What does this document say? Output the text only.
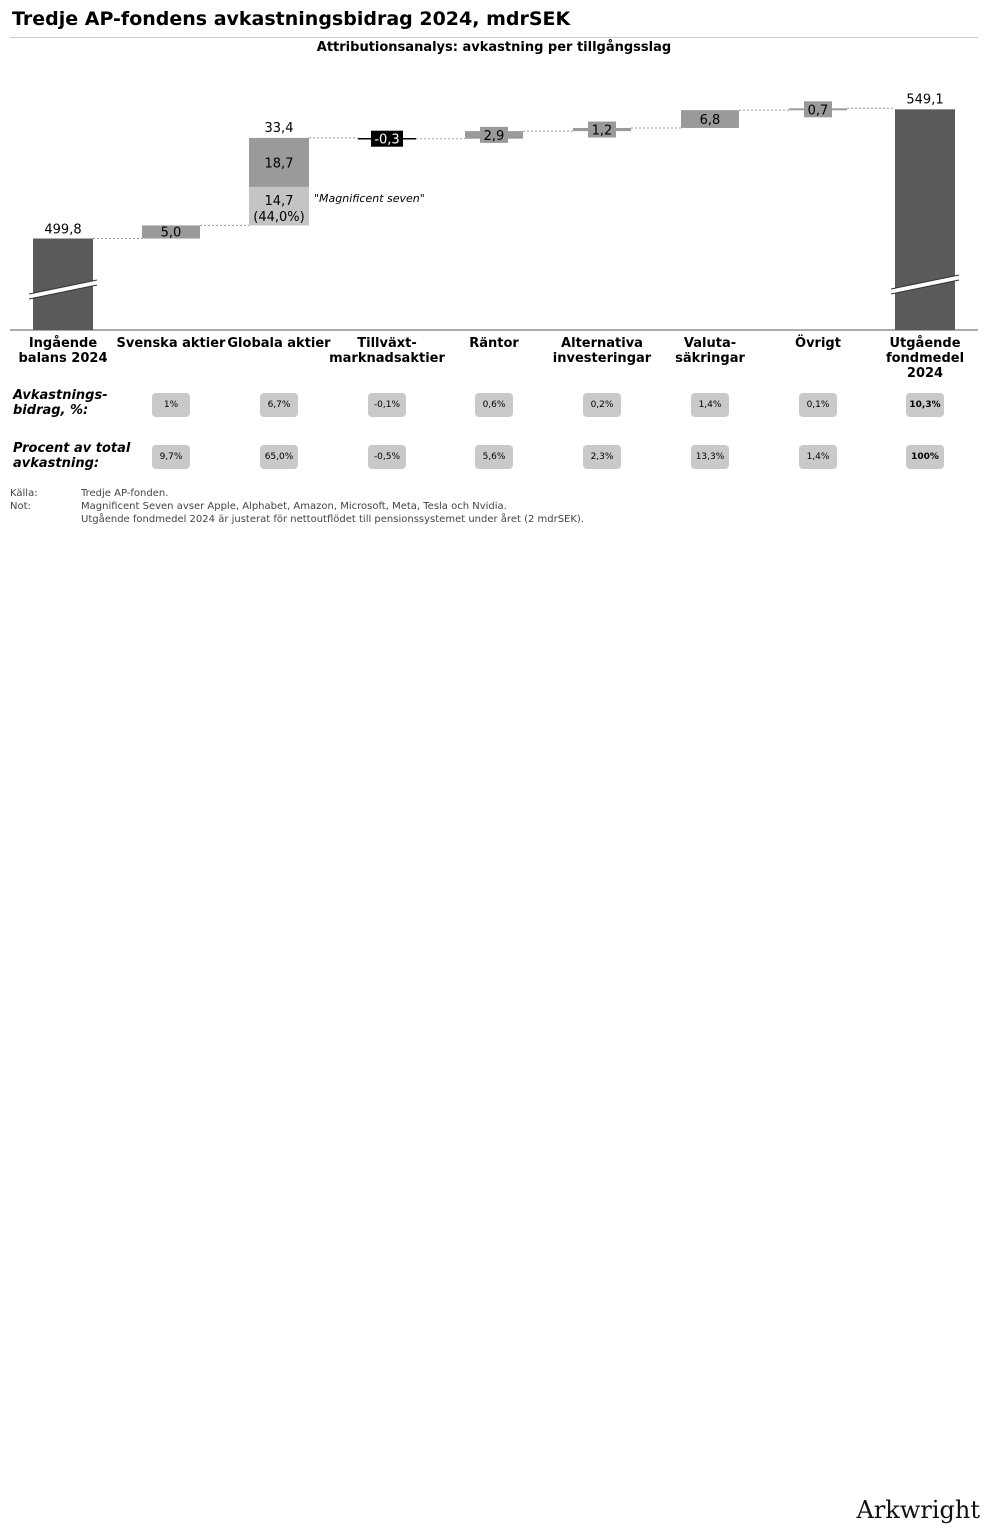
Tredje AP-fondens avkastningsbidrag 2024, mdrSEK
Attributionsanalys: avkastning per tillgångsslag
499,8
549,1
5,0
33,4
18,7
14,7
(44,0%)
"Magnificent seven"
-0,3	2,9	1,2
6,8
0,7
Ingående
balans 2024
Svenska aktier Globala aktier	Tillväxt-
marknadsaktier
Räntor	Alternativa
investeringar
Valuta-
säkringar
Övrigt	Utgående
fondmedel
2024
Avkastnings-
bidrag, %:
Procent av total
avkastning:
1%	6,7%	-0,1%	0,6%	0,2%	1,4%	0,1%	10,3%
9,7%	65,0%	-0,5%	5,6%	2,3%	13,3%	1,4%	100%
Källa:	Tredje AP-fonden.
Not:	Magnificent Seven avser Apple, Alphabet, Amazon, Microsoft, Meta, Tesla och Nvidia.
Utgående fondmedel 2024 är justerat för nettoutflödet till pensionssystemet under året (2 mdrSEK).
Arkwright
